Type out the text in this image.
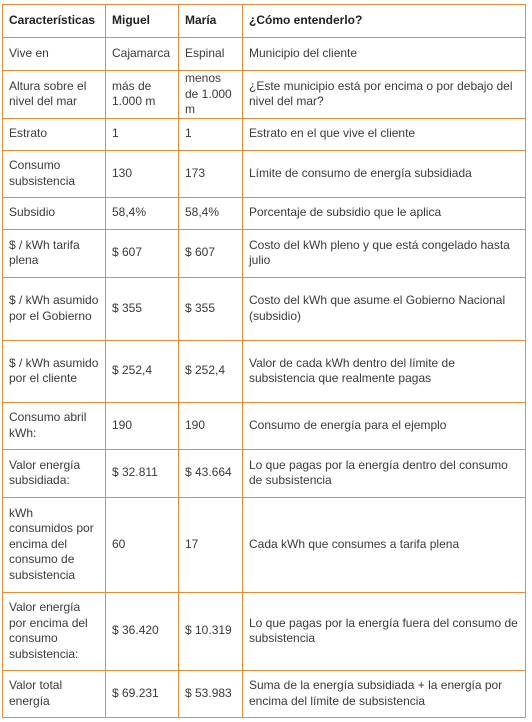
Características	Miguel	María	¿Cómo entenderlo?
Vive en	Cajamarca	Espinal	Municipio del cliente
Altura sobre el nivel del mar	más de 1.000 m	menos de 1.000 m	¿Este municipio está por encima o por debajo del nivel del mar?
Estrato	1	1	Estrato en el que vive el cliente
Consumo subsistencia	130	173	Límite de consumo de energía subsidiada
Subsidio	58,4%	58,4%	Porcentaje de subsidio que le aplica
$ / kWh tarifa plena	$ 607	$ 607	Costo del kWh pleno y que está congelado hasta julio
$ / kWh asumido por el Gobierno	$ 355	$ 355	Costo del kWh que asume el Gobierno Nacional (subsidio)
$ / kWh asumido por el cliente	$ 252,4	$ 252,4	Valor de cada kWh dentro del límite de subsistencia que realmente pagas
Consumo abril kWh:	190	190	Consumo de energía para el ejemplo
Valor energía subsidiada:	$ 32.811	$ 43.664	Lo que pagas por la energía dentro del consumo de subsistencia
kWh consumidos por encima del consumo de subsistencia	60	17	Cada kWh que consumes a tarifa plena
Valor energía por encima del consumo subsistencia:	$ 36.420	$ 10.319	Lo que pagas por la energía fuera del consumo de subsistencia
Valor total energía	$ 69.231	$ 53.983	Suma de la energía subsidiada + la energía por encima del límite de subsistencia
